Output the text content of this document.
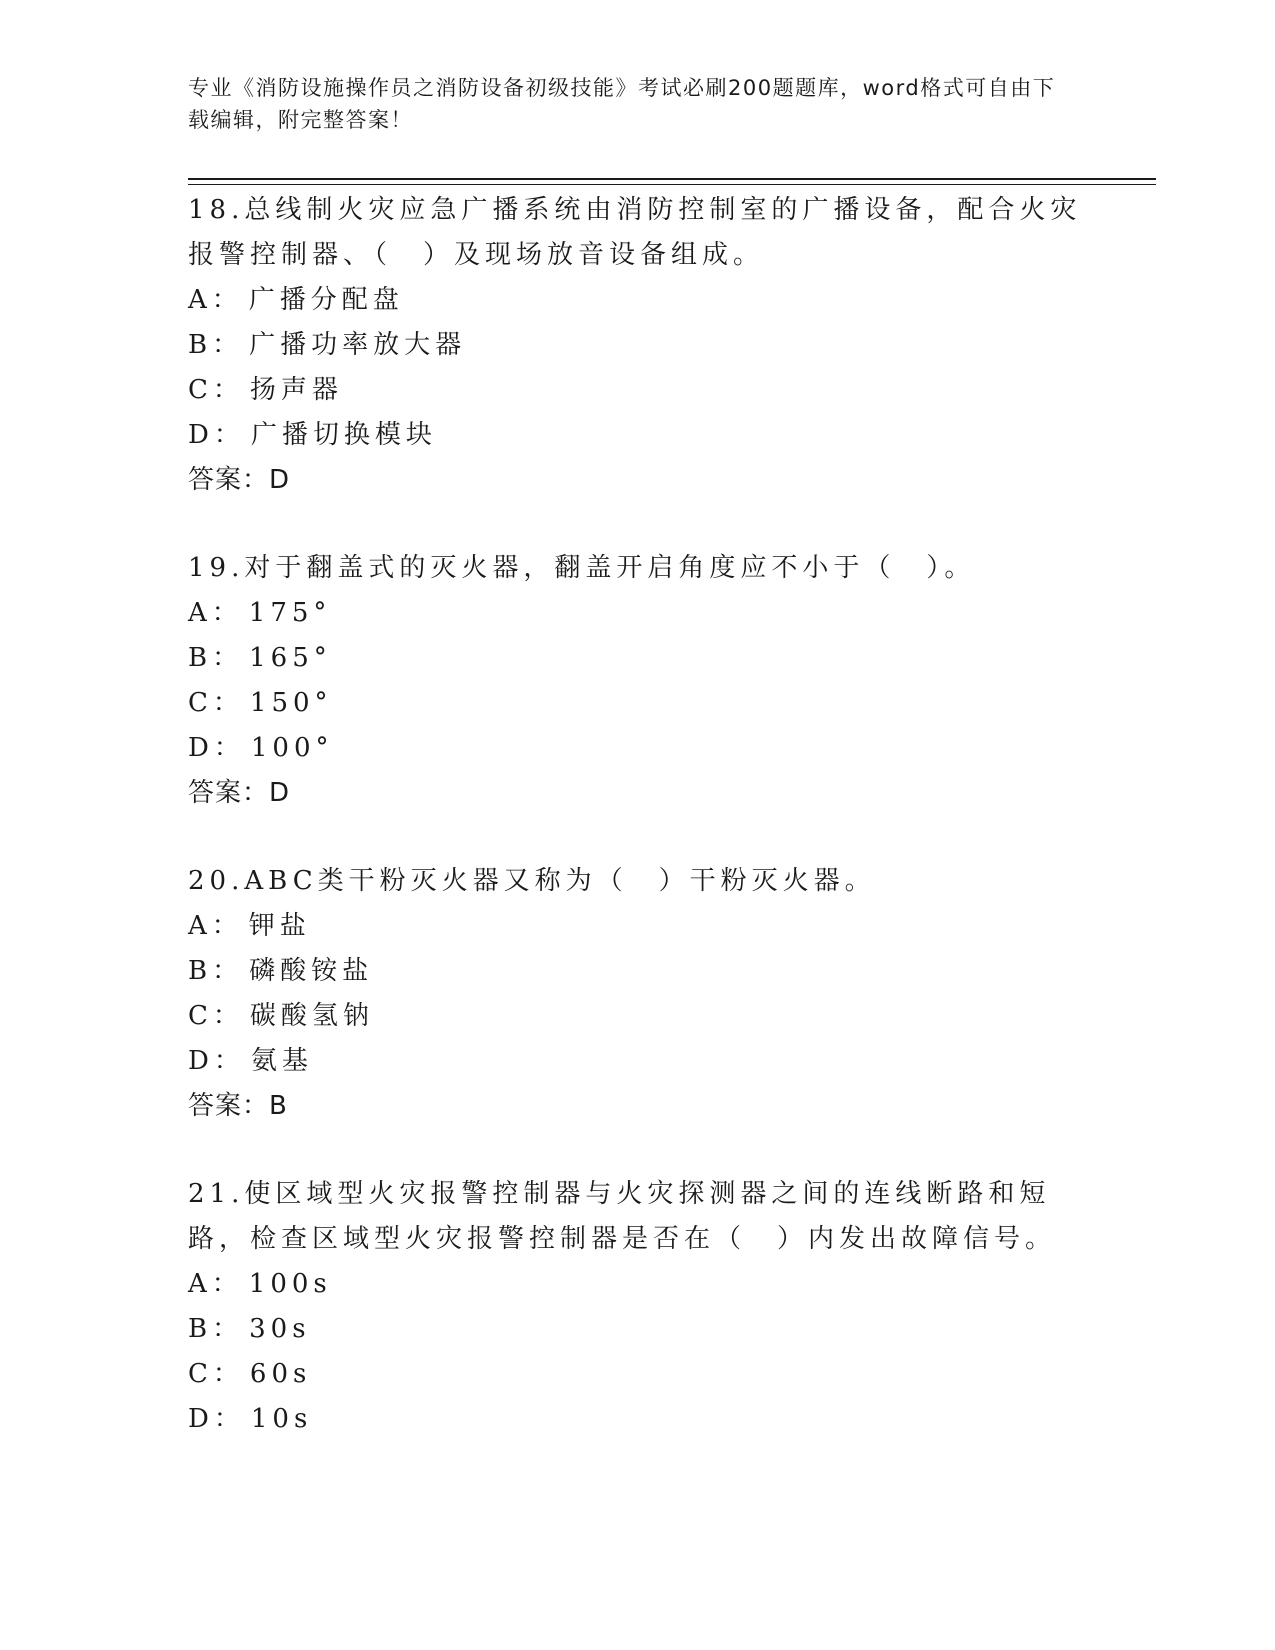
专业《消防设施操作员之消防设备初级技能》考试必刷200题题库，word格式可自由下载编辑，附完整答案！

18.总线制火灾应急广播系统由消防控制室的广播设备，配合火灾报警控制器、（　）及现场放音设备组成。

A： 广播分配盘
B： 广播功率放大器
C： 扬声器
D： 广播切换模块
答案：D

19.对于翻盖式的灭火器，翻盖开启角度应不小于（　）。

A： 175°
B： 165°
C： 150°
D： 100°
答案：D

20.ABC类干粉灭火器又称为（　）干粉灭火器。

A： 钾盐
B： 磷酸铵盐
C： 碳酸氢钠
D： 氨基
答案：B

21.使区域型火灾报警控制器与火灾探测器之间的连线断路和短路，检查区域型火灾报警控制器是否在（　）内发出故障信号。

A： 100s
B： 30s
C： 60s
D： 10s
